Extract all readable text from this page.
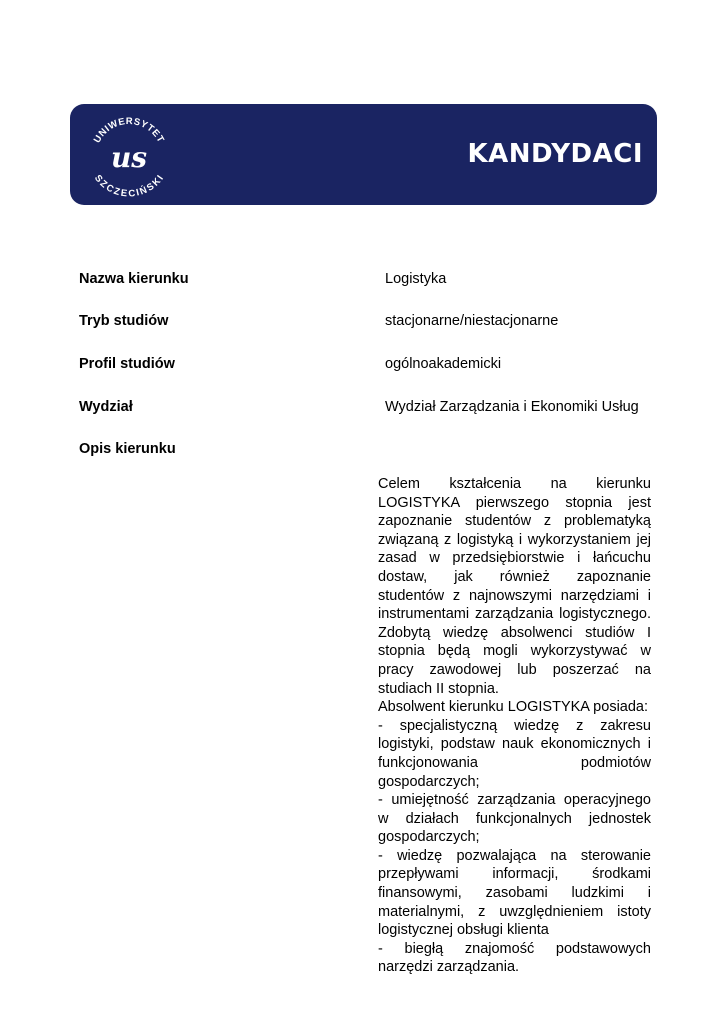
UNIWERSYTET
SZCZECIŃSKI
us	KANDYDACI
Nazwa kierunku	Logistyka
Tryb studiów	stacjonarne/niestacjonarne
Profil studiów	ogólnoakademicki
Wydział	Wydział Zarządzania i Ekonomiki Usług
Opis kierunku

Celem kształcenia na kierunku LOGISTYKA pierwszego stopnia jest zapoznanie studentów z problematyką związaną z logistyką i wykorzystaniem jej zasad w przedsiębiorstwie i łańcuchu dostaw, jak również zapoznanie studentów z najnowszymi narzędziami i instrumentami zarządzania logistycznego. Zdobytą wiedzę absolwenci studiów I stopnia będą mogli wykorzystywać w pracy zawodowej lub poszerzać na studiach II stopnia.

Absolwent kierunku LOGISTYKA posiada:

- specjalistyczną wiedzę z zakresu logistyki, podstaw nauk ekonomicznych i funkcjonowania podmiotów gospodarczych;

- umiejętność zarządzania operacyjnego w działach funkcjonalnych jednostek gospodarczych;

- wiedzę pozwalająca na sterowanie przepływami informacji, środkami finansowymi, zasobami ludzkimi i materialnymi, z uwzględnieniem istoty logistycznej obsługi klienta

- biegłą znajomość podstawowych narzędzi zarządzania.
